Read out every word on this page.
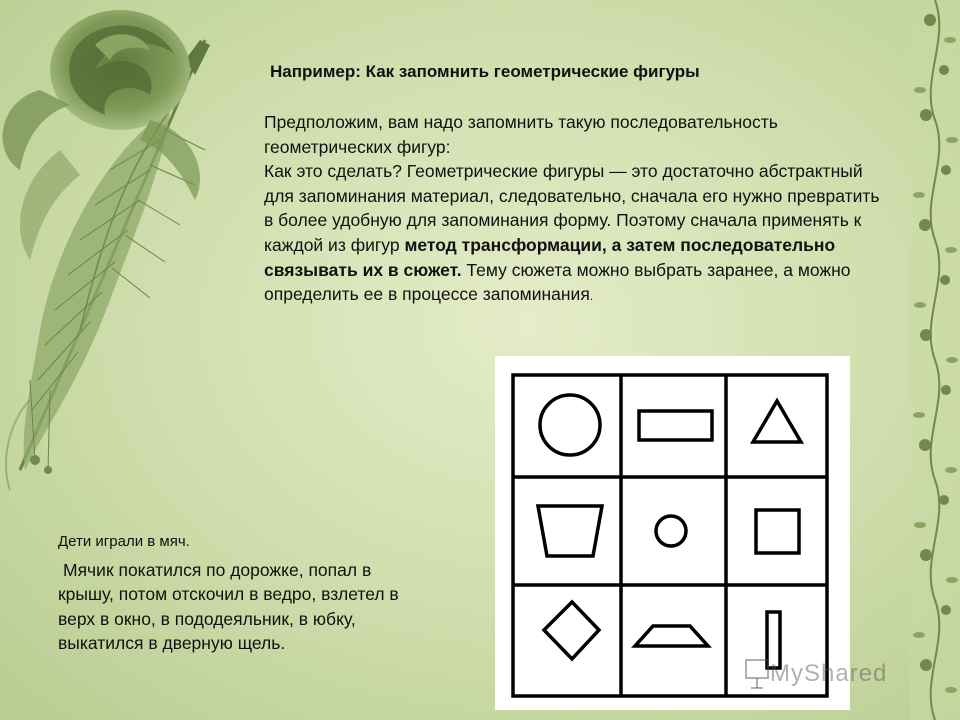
Например: Как запомнить геометрические фигуры

Предположим, вам надо запомнить такую последовательность геометрических фигур:

Как это сделать? Геометрические фигуры — это достаточно абстрактный для запоминания материал, следовательно, сначала его нужно превратить в более удобную для запоминания форму. Поэтому сначала применять к каждой из фигур метод трансформации, а затем последовательно связывать их в сюжет. Тему сюжета можно выбрать заранее, а можно определить ее в процессе запоминания.

Дети играли в мяч.

Мячик покатился по дорожке, попал в крышу, потом отскочил в ведро, взлетел в верх в окно, в пододеяльник, в юбку, выкатился в дверную щель.

MyShared
